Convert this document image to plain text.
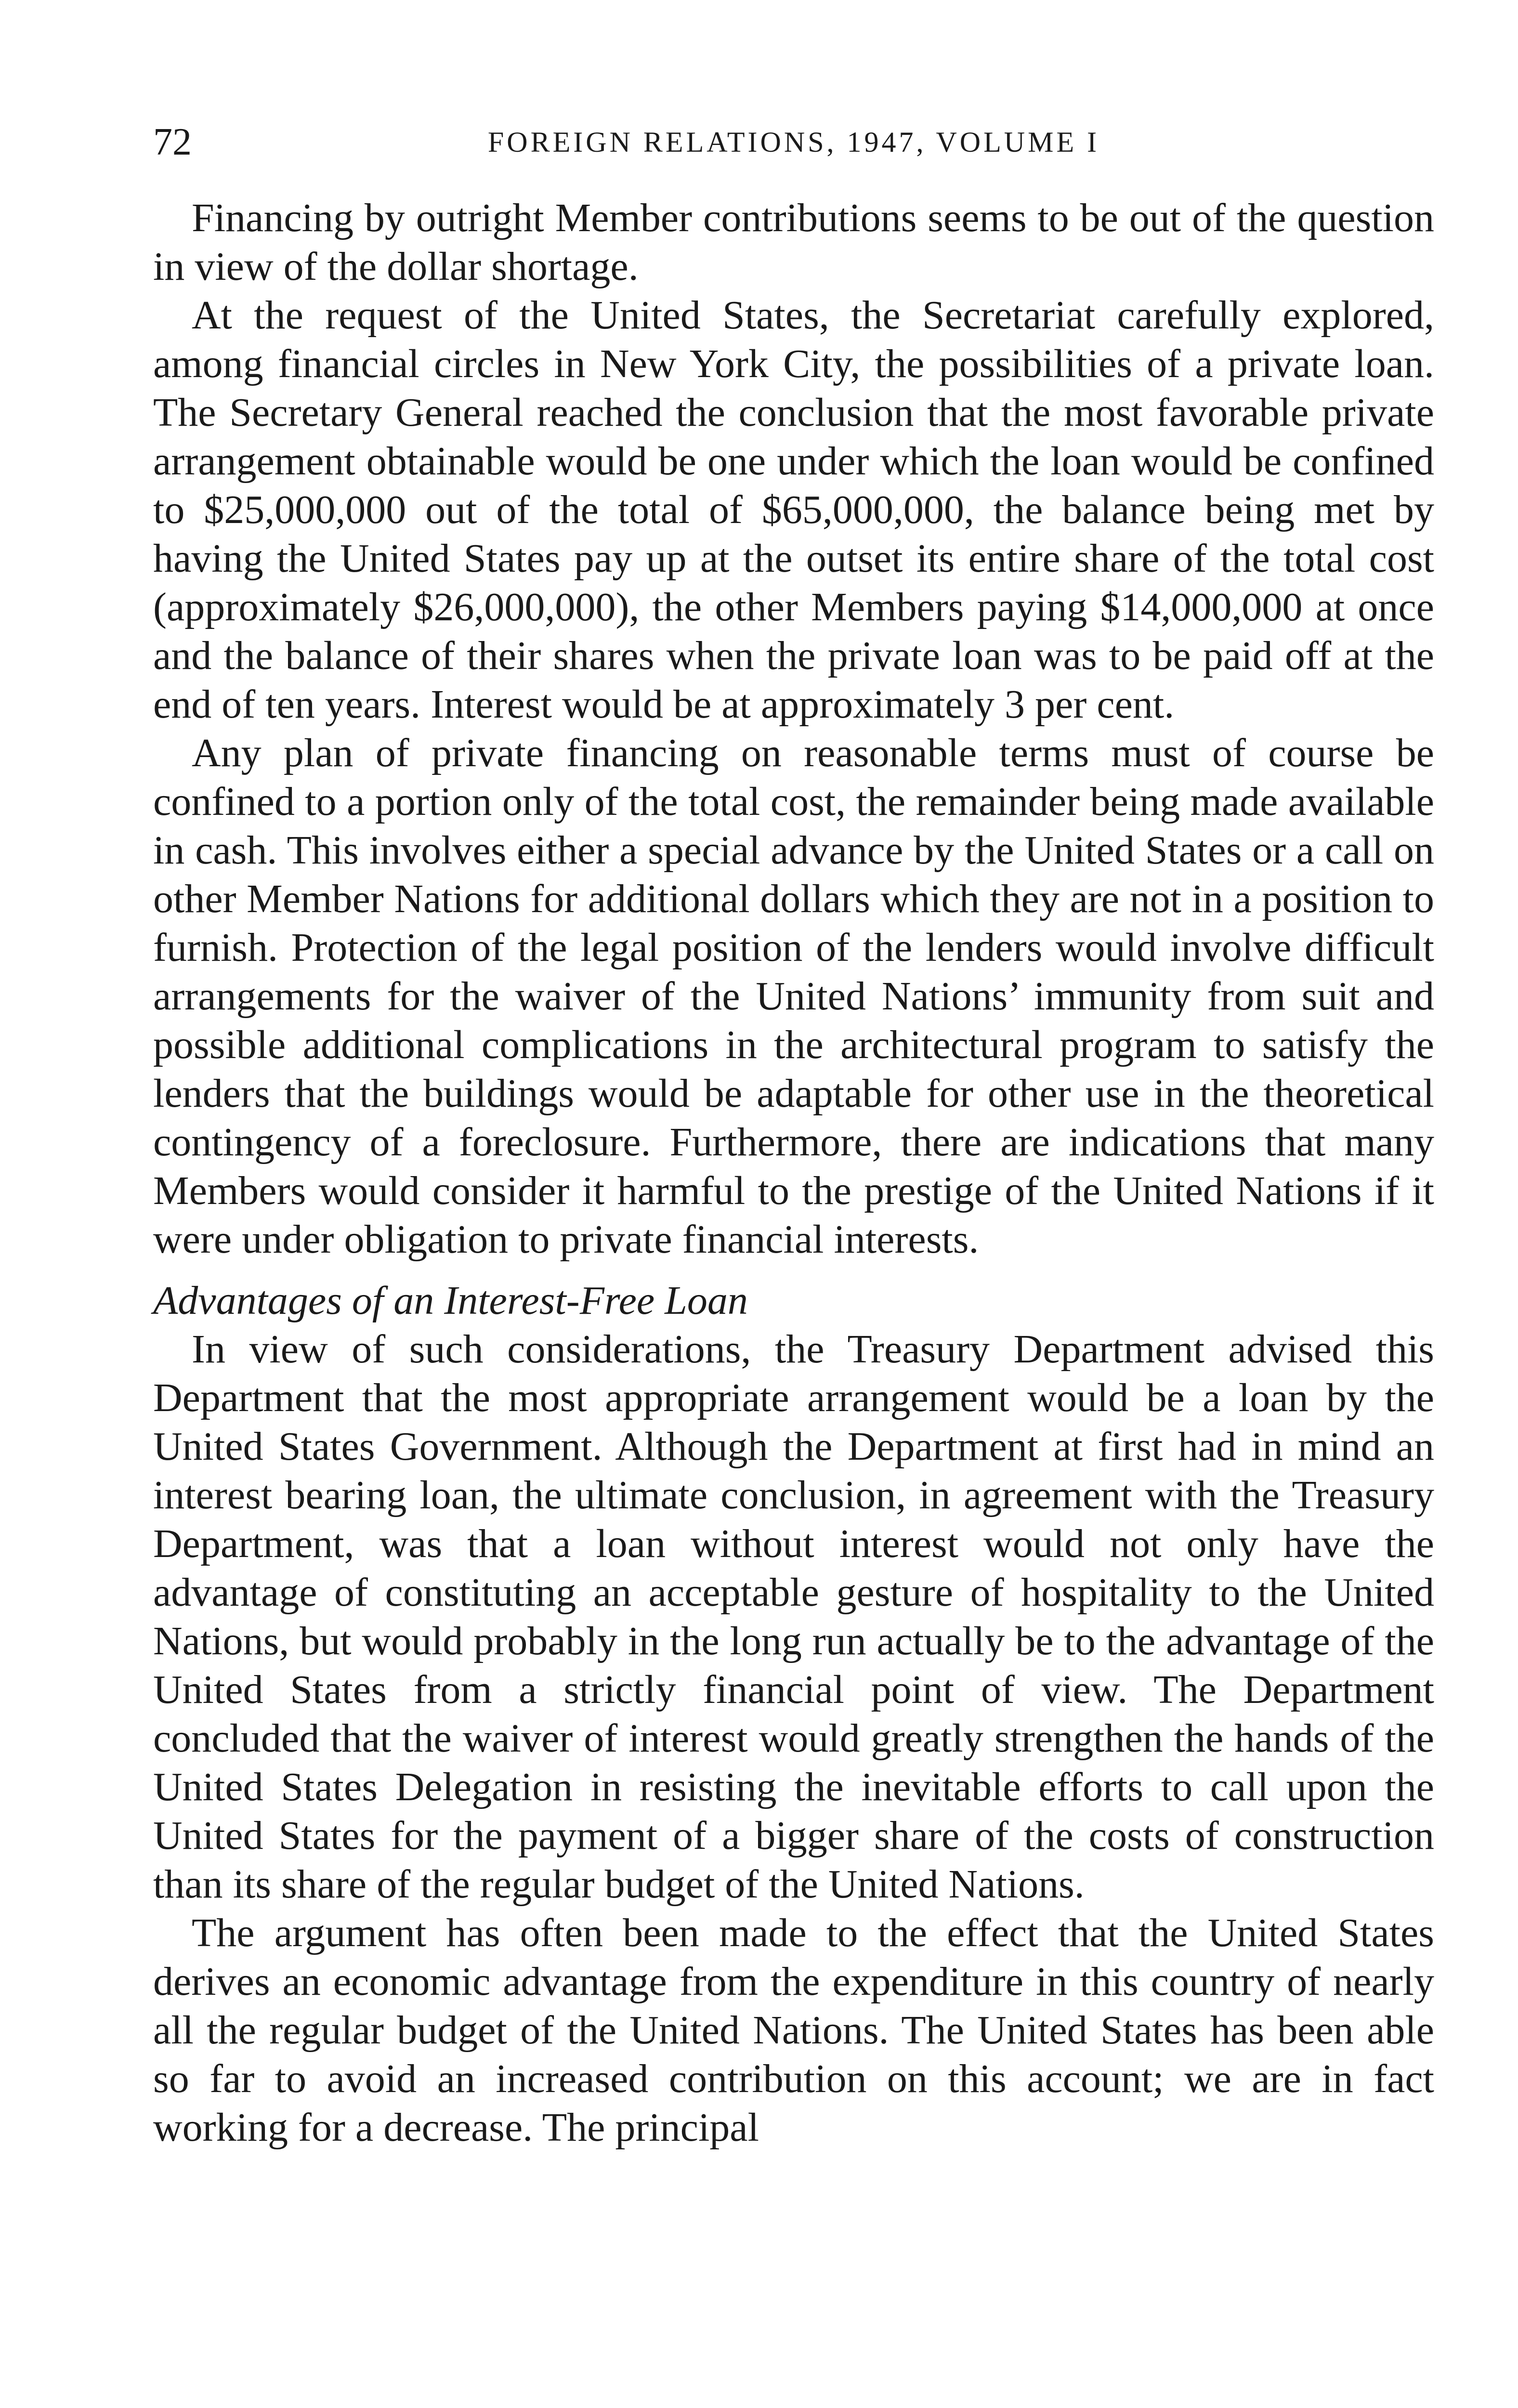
72	FOREIGN RELATIONS, 1947, VOLUME I

Financing by outright Member contributions seems to be out of the question in view of the dollar shortage.

At the request of the United States, the Secretariat carefully explored, among financial circles in New York City, the possibilities of a private loan. The Secretary General reached the conclusion that the most favorable private arrangement obtainable would be one under which the loan would be confined to $25,000,000 out of the total of $65,000,000, the balance being met by having the United States pay up at the outset its entire share of the total cost (approximately $26,000,000), the other Members paying $14,000,000 at once and the balance of their shares when the private loan was to be paid off at the end of ten years. Interest would be at approximately 3 per cent.

Any plan of private financing on reasonable terms must of course be confined to a portion only of the total cost, the remainder being made available in cash. This involves either a special advance by the United States or a call on other Member Nations for additional dollars which they are not in a position to furnish. Protection of the legal position of the lenders would involve difficult arrangements for the waiver of the United Nations’ immunity from suit and possible additional complications in the architectural program to satisfy the lenders that the buildings would be adaptable for other use in the theoretical contingency of a foreclosure. Furthermore, there are indications that many Members would consider it harmful to the prestige of the United Nations if it were under obligation to private financial interests.

Advantages of an Interest-Free Loan

In view of such considerations, the Treasury Department advised this Department that the most appropriate arrangement would be a loan by the United States Government. Although the Department at first had in mind an interest bearing loan, the ultimate conclusion, in agreement with the Treasury Department, was that a loan without interest would not only have the advantage of constituting an acceptable gesture of hospitality to the United Nations, but would probably in the long run actually be to the advantage of the United States from a strictly financial point of view. The Department concluded that the waiver of interest would greatly strengthen the hands of the United States Delegation in resisting the inevitable efforts to call upon the United States for the payment of a bigger share of the costs of construction than its share of the regular budget of the United Nations.

The argument has often been made to the effect that the United States derives an economic advantage from the expenditure in this country of nearly all the regular budget of the United Nations. The United States has been able so far to avoid an increased contribution on this account; we are in fact working for a decrease. The principal
